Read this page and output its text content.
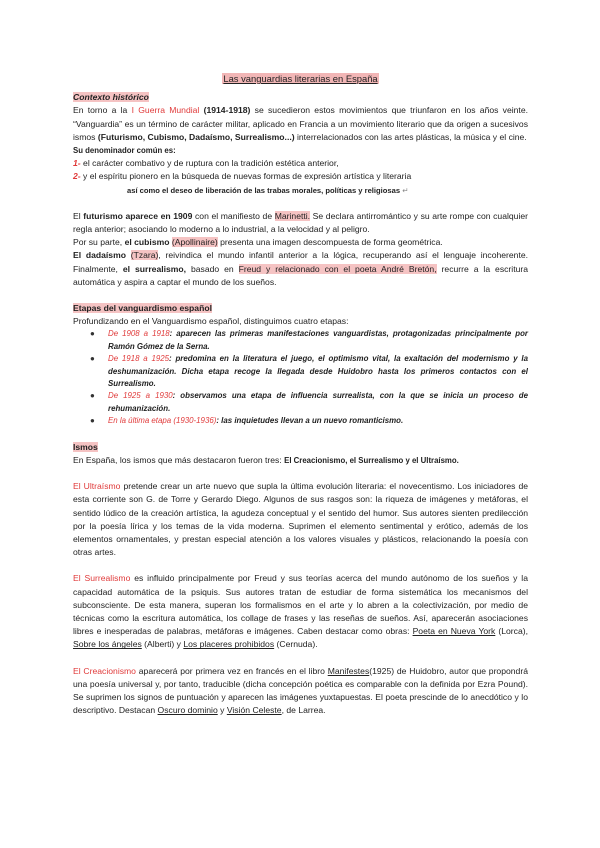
Las vanguardias literarias en España
Contexto histórico

En torno a la I Guerra Mundial (1914-1918) se sucedieron estos movimientos que triunfaron en los años veinte. “Vanguardia” es un término de carácter militar, aplicado en Francia a un movimiento literario que da origen a sucesivos ismos (Futurismo, Cubismo, Dadaísmo, Surrealismo...) interrelacionados con las artes plásticas, la música y el cine.

Su denominador común es:

1- el carácter combativo y de ruptura con la tradición estética anterior,

2- y el espíritu pionero en la búsqueda de nuevas formas de expresión artística y literaria

así como el deseo de liberación de las trabas morales, políticas y religiosas ↵

El futurismo aparece en 1909 con el manifiesto de Marinetti. Se declara antirromántico y su arte rompe con cualquier regla anterior; asociando lo moderno a lo industrial, a la velocidad y al peligro.

Por su parte, el cubismo (Apollinaire) presenta una imagen descompuesta de forma geométrica.

El dadaísmo (Tzara), reivindica el mundo infantil anterior a la lógica, recuperando así el lenguaje incoherente. Finalmente, el surrealismo, basado en Freud y relacionado con el poeta André Bretón, recurre a la escritura automática y aspira a captar el mundo de los sueños.

Etapas del vanguardismo español

Profundizando en el Vanguardismo español, distinguimos cuatro etapas:

● De 1908 a 1918: aparecen las primeras manifestaciones vanguardistas, protagonizadas principalmente por Ramón Gómez de la Serna.
● De 1918 a 1925: predomina en la literatura el juego, el optimismo vital, la exaltación del modernismo y la deshumanización. Dicha etapa recoge la llegada desde Huidobro hasta los primeros contactos con el Surrealismo.
● De 1925 a 1930: observamos una etapa de influencia surrealista, con la que se inicia un proceso de rehumanización.
● En la última etapa (1930-1936): las inquietudes llevan a un nuevo romanticismo.
Ismos

En España, los ismos que más destacaron fueron tres: El Creacionismo, el Surrealismo y el Ultraísmo.

El Ultraísmo pretende crear un arte nuevo que supla la última evolución literaria: el novecentismo. Los iniciadores de esta corriente son G. de Torre y Gerardo Diego. Algunos de sus rasgos son: la riqueza de imágenes y metáforas, el sentido lúdico de la creación artística, la agudeza conceptual y el sentido del humor. Sus autores sienten predilección por la poesía lírica y los temas de la vida moderna. Suprimen el elemento sentimental y erótico, además de los elementos ornamentales, y prestan especial atención a los valores visuales y plásticos, relacionando la poesía con otras artes.

El Surrealismo es influido principalmente por Freud y sus teorías acerca del mundo autónomo de los sueños y la capacidad automática de la psiquis. Sus autores tratan de estudiar de forma sistemática los mecanismos del subconsciente. De esta manera, superan los formalismos en el arte y lo abren a la colectivización, por medio de técnicas como la escritura automática, los collage de frases y las reseñas de sueños. Así, aparecerán asociaciones libres e inesperadas de palabras, metáforas e imágenes. Caben destacar como obras: Poeta en Nueva York (Lorca), Sobre los ángeles (Alberti) y Los placeres prohibidos (Cernuda).

El Creacionismo aparecerá por primera vez en francés en el libro Manifestes(1925) de Huidobro, autor que propondrá una poesía universal y, por tanto, traducible (dicha concepción poética es comparable con la definida por Ezra Pound). Se suprimen los signos de puntuación y aparecen las imágenes yuxtapuestas. El poeta prescinde de lo anecdótico y lo descriptivo. Destacan Oscuro dominio y Visión Celeste, de Larrea.
